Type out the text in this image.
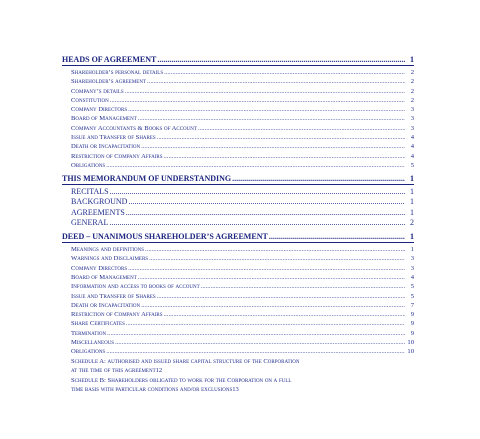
HEADS OF AGREEMENT .....	1
Shareholder’s personal details .....	2
Shareholder’s agreement .....	2
Company’s details .....	2
Constitution .....	2
Company Directors .....	3
Board of Management .....	3
Company Accountants & Books of Account .....	3
Issue and Transfer of Shares .....	4
Death or Incapacitation .....	4
Restriction of Company Affairs .....	4
Obligations .....	5
THIS MEMORANDUM OF UNDERSTANDING .....	1
RECITALS .....	1
BACKGROUND .....	1
AGREEMENTS .....	1
GENERAL .....	2
DEED – UNANIMOUS SHAREHOLDER’S AGREEMENT .....	1
Meanings and definitions .....	1
Warnings and Disclaimers .....	3
Company Directors .....	3
Board of Management .....	4
Information and access to books of account .....	5
Issue and Transfer of Shares .....	5
Death or Incapacitation .....	7
Restriction of Company Affairs .....	9
Share Certificates .....	9
Termination .....	9
Miscellaneous .....	10
Obligations .....	10
Schedule A: authorised and issued share capital structure of the Corporation
at the time of this agreement 12
Schedule B: Shareholders obligated to work for the Corporation on a full
time basis with particular conditions and/or exclusions 13
